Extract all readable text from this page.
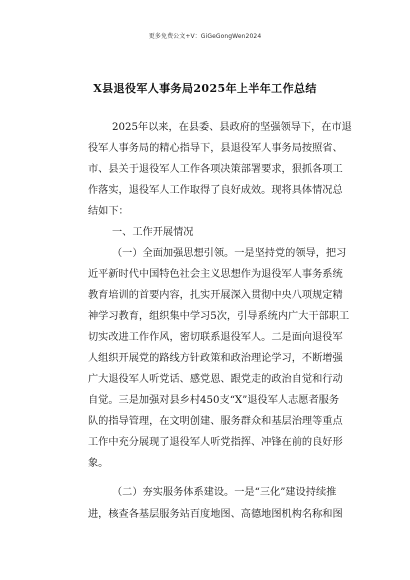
更多免费公文+V：GiGeGongWen2024
X县退役军人事务局2025年上半年工作总结
2025年以来，在县委、县政府的坚强领导下，在市退
役军人事务局的精心指导下，县退役军人事务局按照省、
市、县关于退役军人工作各项决策部署要求，狠抓各项工
作落实，退役军人工作取得了良好成效。现将具体情况总
结如下：
一、工作开展情况
（一）全面加强思想引领。一是坚持党的领导，把习
近平新时代中国特色社会主义思想作为退役军人事务系统
教育培训的首要内容，扎实开展深入贯彻中央八项规定精
神学习教育，组织集中学习5次，引导系统内广大干部职工
切实改进工作作风，密切联系退役军人。二是面向退役军
人组织开展党的路线方针政策和政治理论学习，不断增强
广大退役军人听党话、感党恩、跟党走的政治自觉和行动
自觉。三是加强对县乡村450支“X”退役军人志愿者服务
队的指导管理，在文明创建、服务群众和基层治理等重点
工作中充分展现了退役军人听党指挥、冲锋在前的良好形
象。
（二）夯实服务体系建设。一是“三化”建设持续推
进，核查各基层服务站百度地图、高德地图机构名称和图
